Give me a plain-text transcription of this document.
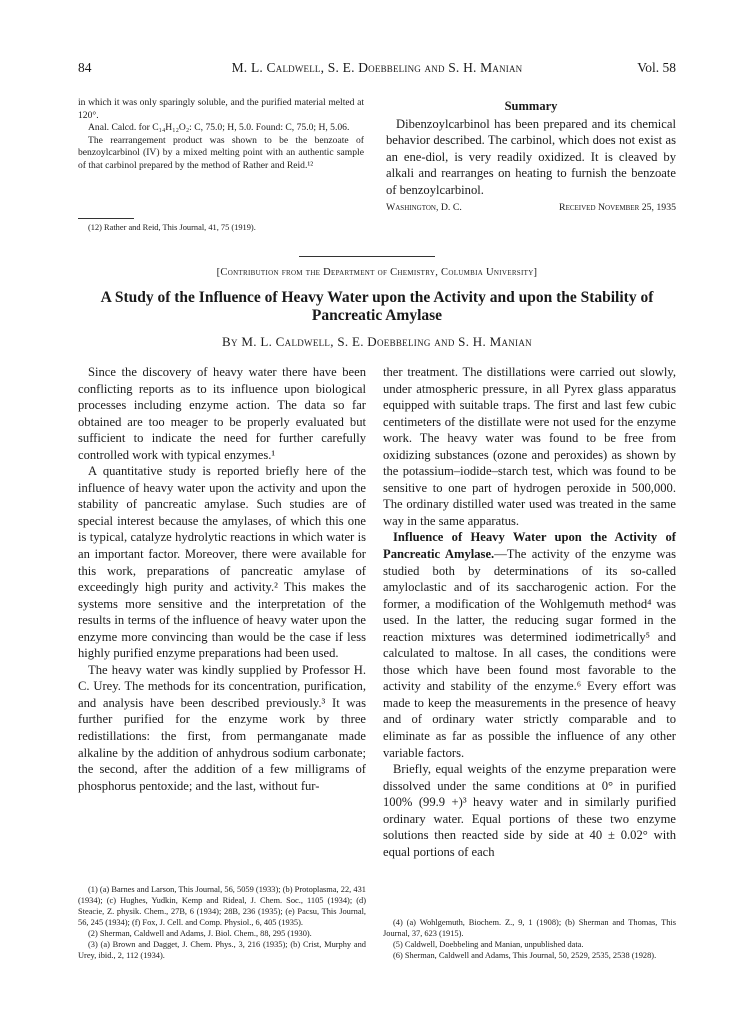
84	M. L. Caldwell, S. E. Doebbeling and S. H. Manian	Vol. 58

in which it was only sparingly soluble, and the purified material melted at 120°.

Anal. Calcd. for C₁₄H₁₂O₂: C, 75.0; H, 5.0. Found: C, 75.0; H, 5.06.

The rearrangement product was shown to be the benzoate of benzoylcarbinol (IV) by a mixed melting point with an authentic sample of that carbinol prepared by the method of Rather and Reid.¹²

(12) Rather and Reid, This Journal, 41, 75 (1919).

Summary

Dibenzoylcarbinol has been prepared and its chemical behavior described. The carbinol, which does not exist as an ene-diol, is very readily oxidized. It is cleaved by alkali and rearranges on heating to furnish the benzoate of benzoylcarbinol.

Washington, D. C.	Received November 25, 1935
[Contribution from the Department of Chemistry, Columbia University]
A Study of the Influence of Heavy Water upon the Activity and upon the Stability of
Pancreatic Amylase
By M. L. Caldwell, S. E. Doebbeling and S. H. Manian

Since the discovery of heavy water there have been conflicting reports as to its influence upon biological processes including enzyme action. The data so far obtained are too meager to be properly evaluated but sufficient to indicate the need for further carefully controlled work with typical enzymes.¹

A quantitative study is reported briefly here of the influence of heavy water upon the activity and upon the stability of pancreatic amylase. Such studies are of special interest because the amylases, of which this one is typical, catalyze hydrolytic reactions in which water is an important factor. Moreover, there were available for this work, preparations of pancreatic amylase of exceedingly high purity and activity.² This makes the systems more sensitive and the interpretation of the results in terms of the influence of heavy water upon the enzyme more convincing than would be the case if less highly purified enzyme preparations had been used.

The heavy water was kindly supplied by Professor H. C. Urey. The methods for its concentration, purification, and analysis have been described previously.³ It was further purified for the enzyme work by three redistillations: the first, from permanganate made alkaline by the addition of anhydrous sodium carbonate; the second, after the addition of a few milligrams of phosphorus pentoxide; and the last, without fur-

(1) (a) Barnes and Larson, This Journal, 56, 5059 (1933); (b) Protoplasma, 22, 431 (1934); (c) Hughes, Yudkin, Kemp and Rideal, J. Chem. Soc., 1105 (1934); (d) Steacie, Z. physik. Chem., 27B, 6 (1934); 28B, 236 (1935); (e) Pacsu, This Journal, 56, 245 (1934); (f) Fox, J. Cell. and Comp. Physiol., 6, 405 (1935).

(2) Sherman, Caldwell and Adams, J. Biol. Chem., 88, 295 (1930).

(3) (a) Brown and Dagget, J. Chem. Phys., 3, 216 (1935); (b) Crist, Murphy and Urey, ibid., 2, 112 (1934).

ther treatment. The distillations were carried out slowly, under atmospheric pressure, in all Pyrex glass apparatus equipped with suitable traps. The first and last few cubic centimeters of the distillate were not used for the enzyme work. The heavy water was found to be free from oxidizing substances (ozone and peroxides) as shown by the potassium–iodide–starch test, which was found to be sensitive to one part of hydrogen peroxide in 500,000. The ordinary distilled water used was treated in the same way in the same apparatus.

Influence of Heavy Water upon the Activity of Pancreatic Amylase.—The activity of the enzyme was studied both by determinations of its so-called amyloclastic and of its saccharogenic action. For the former, a modification of the Wohlgemuth method⁴ was used. In the latter, the reducing sugar formed in the reaction mixtures was determined iodimetrically⁵ and calculated to maltose. In all cases, the conditions were those which have been found most favorable to the activity and stability of the enzyme.⁶ Every effort was made to keep the measurements in the presence of heavy and of ordinary water strictly comparable and to eliminate as far as possible the influence of any other variable factors.

Briefly, equal weights of the enzyme preparation were dissolved under the same conditions at 0° in purified 100% (99.9 +)³ heavy water and in similarly purified ordinary water. Equal portions of these two enzyme solutions then reacted side by side at 40 ± 0.02° with equal portions of each

(4) (a) Wohlgemuth, Biochem. Z., 9, 1 (1908); (b) Sherman and Thomas, This Journal, 37, 623 (1915).

(5) Caldwell, Doebbeling and Manian, unpublished data.

(6) Sherman, Caldwell and Adams, This Journal, 50, 2529, 2535, 2538 (1928).
